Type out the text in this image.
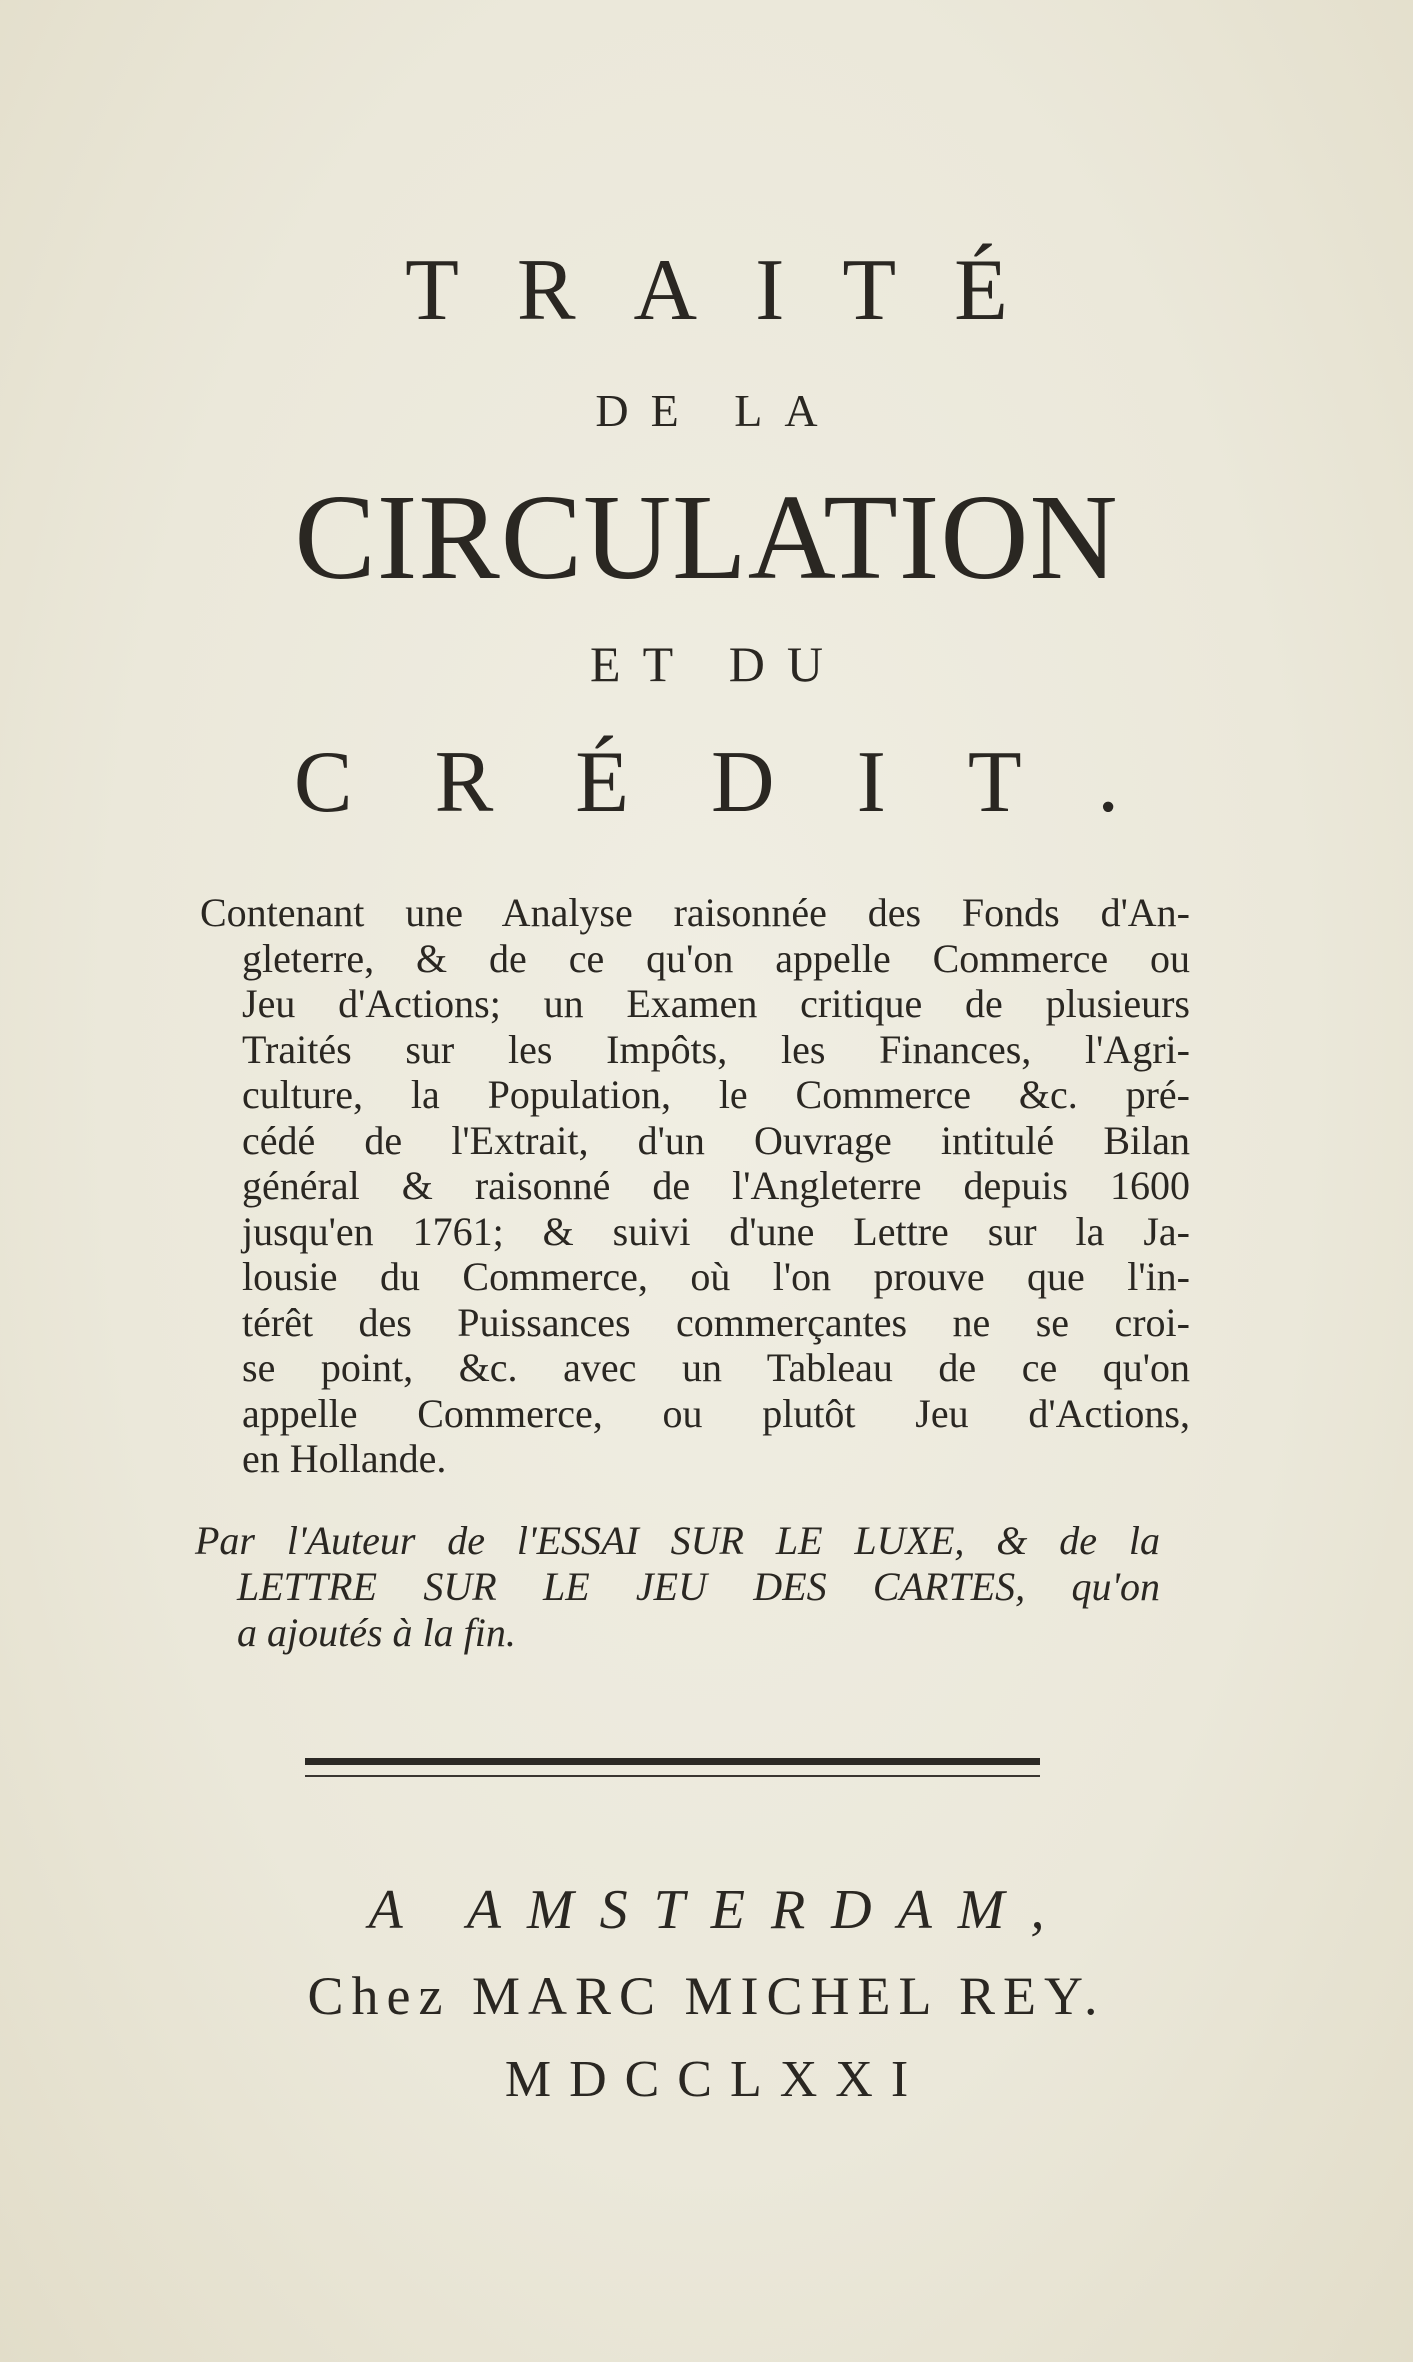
TRAITÉ
DE LA
CIRCULATION
ET DU
CRÉDIT.
Contenant une Analyse raisonnée des Fonds d'An-
gleterre, & de ce qu'on appelle Commerce ou
Jeu d'Actions; un Examen critique de plusieurs
Traités sur les Impôts, les Finances, l'Agri-
culture, la Population, le Commerce &c. pré-
cédé de l'Extrait, d'un Ouvrage intitulé Bilan
général & raisonné de l'Angleterre depuis 1600
jusqu'en 1761; & suivi d'une Lettre sur la Ja-
lousie du Commerce, où l'on prouve que l'in-
térêt des Puissances commerçantes ne se croi-
se point, &c. avec un Tableau de ce qu'on
appelle Commerce, ou plutôt Jeu d'Actions,
en Hollande.
Par l'Auteur de l'ESSAI SUR LE LUXE, & de la
LETTRE SUR LE JEU DES CARTES, qu'on
a ajoutés à la fin.
A AMSTERDAM,
Chez MARC MICHEL REY.
MDCCLXXI
